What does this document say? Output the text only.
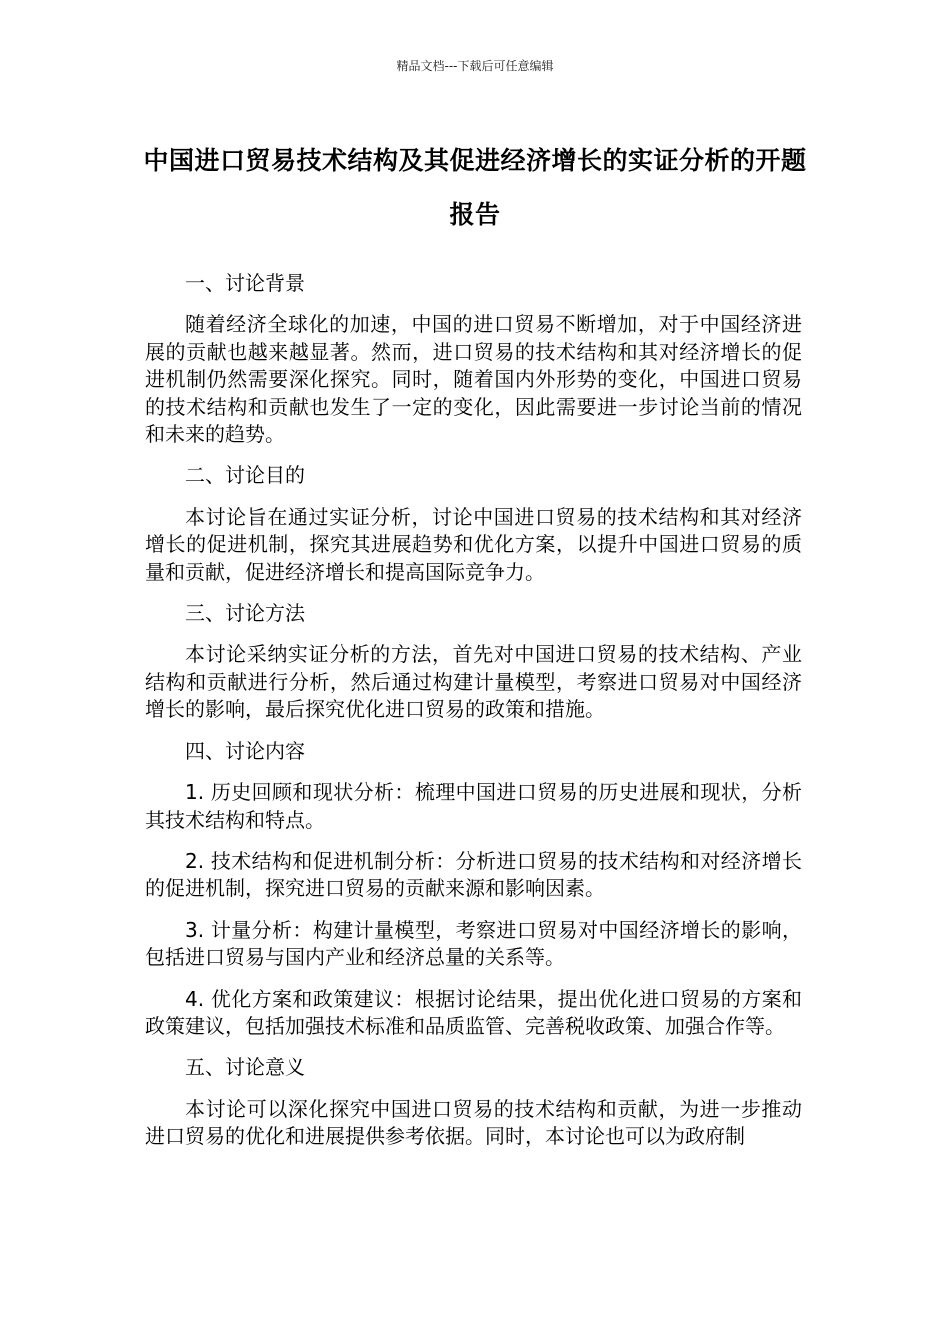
精品文档---下载后可任意编辑
中国进口贸易技术结构及其促进经济增长的实证分析的开题报告

一、讨论背景

随着经济全球化的加速，中国的进口贸易不断增加，对于中国经济进展的贡献也越来越显著。然而，进口贸易的技术结构和其对经济增长的促进机制仍然需要深化探究。同时，随着国内外形势的变化，中国进口贸易的技术结构和贡献也发生了一定的变化，因此需要进一步讨论当前的情况和未来的趋势。

二、讨论目的

本讨论旨在通过实证分析，讨论中国进口贸易的技术结构和其对经济增长的促进机制，探究其进展趋势和优化方案，以提升中国进口贸易的质量和贡献，促进经济增长和提高国际竞争力。

三、讨论方法

本讨论采纳实证分析的方法，首先对中国进口贸易的技术结构、产业结构和贡献进行分析，然后通过构建计量模型，考察进口贸易对中国经济增长的影响，最后探究优化进口贸易的政策和措施。

四、讨论内容

1. 历史回顾和现状分析：梳理中国进口贸易的历史进展和现状，分析其技术结构和特点。

2. 技术结构和促进机制分析：分析进口贸易的技术结构和对经济增长的促进机制，探究进口贸易的贡献来源和影响因素。

3. 计量分析：构建计量模型，考察进口贸易对中国经济增长的影响，包括进口贸易与国内产业和经济总量的关系等。

4. 优化方案和政策建议：根据讨论结果，提出优化进口贸易的方案和政策建议，包括加强技术标准和品质监管、完善税收政策、加强合作等。

五、讨论意义

本讨论可以深化探究中国进口贸易的技术结构和贡献，为进一步推动进口贸易的优化和进展提供参考依据。同时，本讨论也可以为政府制
